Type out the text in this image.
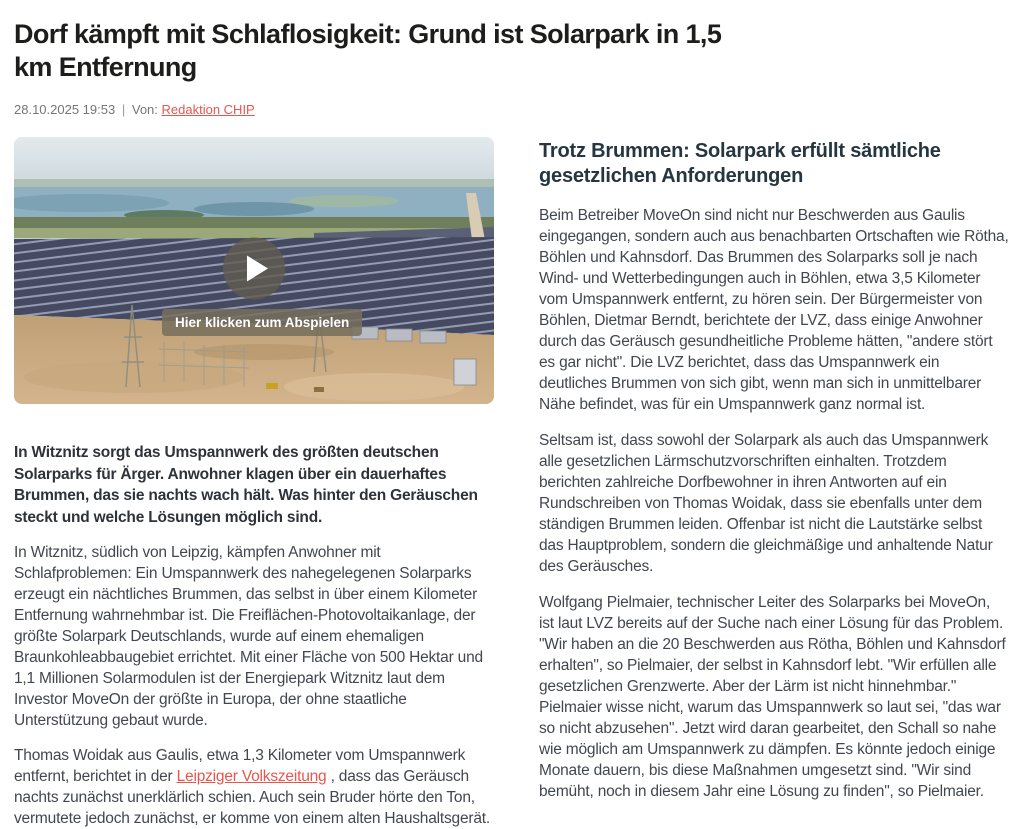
Dorf kämpft mit Schlaflosigkeit: Grund ist Solarpark in 1,5 km Entfernung
28.10.2025 19:53 | Von: Redaktion CHIP
Hier klicken zum Abspielen

In Witznitz sorgt das Umspannwerk des größten deutschen Solarparks für Ärger. Anwohner klagen über ein dauerhaftes Brummen, das sie nachts wach hält. Was hinter den Geräuschen steckt und welche Lösungen möglich sind.

In Witznitz, südlich von Leipzig, kämpfen Anwohner mit Schlafproblemen: Ein Umspannwerk des nahegelegenen Solarparks erzeugt ein nächtliches Brummen, das selbst in über einem Kilometer Entfernung wahrnehmbar ist. Die Freiflächen-Photovoltaikanlage, der größte Solarpark Deutschlands, wurde auf einem ehemaligen Braunkohleabbaugebiet errichtet. Mit einer Fläche von 500 Hektar und 1,1 Millionen Solarmodulen ist der Energiepark Witznitz laut dem Investor MoveOn der größte in Europa, der ohne staatliche Unterstützung gebaut wurde.

Thomas Woidak aus Gaulis, etwa 1,3 Kilometer vom Umspannwerk entfernt, berichtet in der Leipziger Volkszeitung , dass das Geräusch nachts zunächst unerklärlich schien. Auch sein Bruder hörte den Ton, vermutete jedoch zunächst, er komme von einem alten Haushaltsgerät.

Trotz Brummen: Solarpark erfüllt sämtliche gesetzlichen Anforderungen

Beim Betreiber MoveOn sind nicht nur Beschwerden aus Gaulis eingegangen, sondern auch aus benachbarten Ortschaften wie Rötha, Böhlen und Kahnsdorf. Das Brummen des Solarparks soll je nach Wind- und Wetterbedingungen auch in Böhlen, etwa 3,5 Kilometer vom Umspannwerk entfernt, zu hören sein. Der Bürgermeister von Böhlen, Dietmar Berndt, berichtete der LVZ, dass einige Anwohner durch das Geräusch gesundheitliche Probleme hätten, "andere stört es gar nicht". Die LVZ berichtet, dass das Umspannwerk ein deutliches Brummen von sich gibt, wenn man sich in unmittelbarer Nähe befindet, was für ein Umspannwerk ganz normal ist.

Seltsam ist, dass sowohl der Solarpark als auch das Umspannwerk alle gesetzlichen Lärmschutzvorschriften einhalten. Trotzdem berichten zahlreiche Dorfbewohner in ihren Antworten auf ein Rundschreiben von Thomas Woidak, dass sie ebenfalls unter dem ständigen Brummen leiden. Offenbar ist nicht die Lautstärke selbst das Hauptproblem, sondern die gleichmäßige und anhaltende Natur des Geräusches.

Wolfgang Pielmaier, technischer Leiter des Solarparks bei MoveOn, ist laut LVZ bereits auf der Suche nach einer Lösung für das Problem. "Wir haben an die 20 Beschwerden aus Rötha, Böhlen und Kahnsdorf erhalten", so Pielmaier, der selbst in Kahnsdorf lebt. "Wir erfüllen alle gesetzlichen Grenzwerte. Aber der Lärm ist nicht hinnehmbar." Pielmaier wisse nicht, warum das Umspannwerk so laut sei, "das war so nicht abzusehen". Jetzt wird daran gearbeitet, den Schall so nahe wie möglich am Umspannwerk zu dämpfen. Es könnte jedoch einige Monate dauern, bis diese Maßnahmen umgesetzt sind. "Wir sind bemüht, noch in diesem Jahr eine Lösung zu finden", so Pielmaier.
